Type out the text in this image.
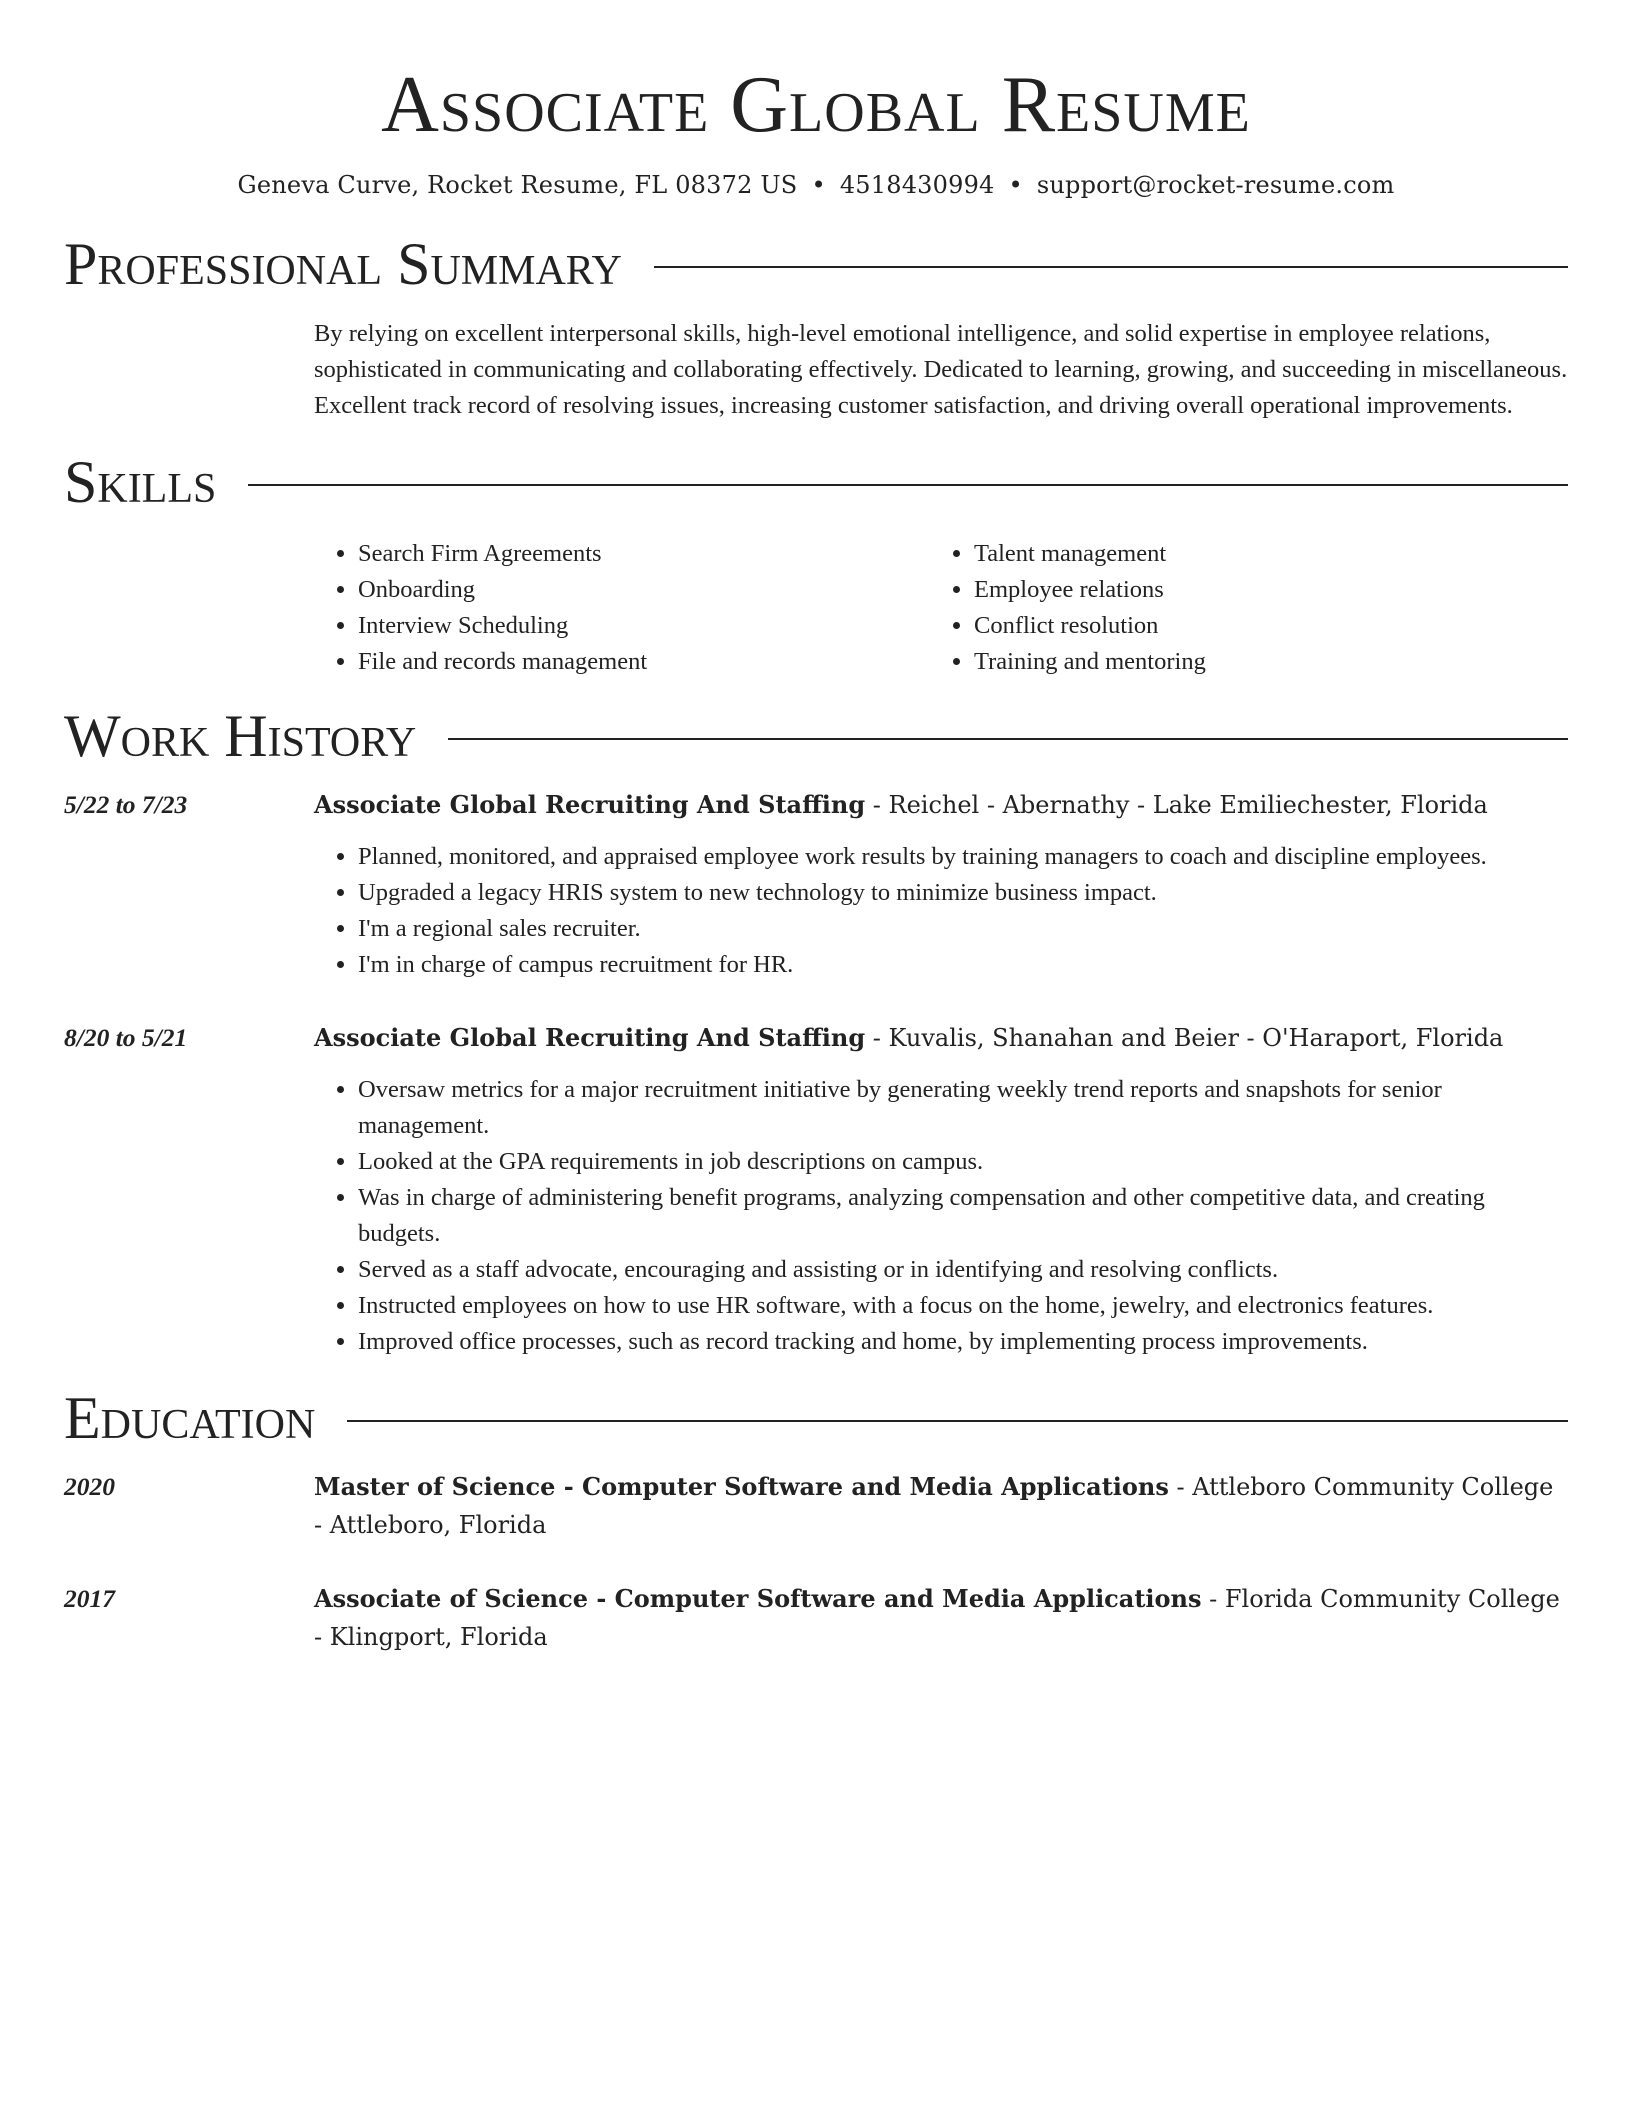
Associate Global Resume
Geneva Curve, Rocket Resume, FL 08372 US • 4518430994 • support@rocket-resume.com
Professional Summary
By relying on excellent interpersonal skills, high-level emotional intelligence, and solid expertise in employee relations, sophisticated in communicating and collaborating effectively. Dedicated to learning, growing, and succeeding in miscellaneous. Excellent track record of resolving issues, increasing customer satisfaction, and driving overall operational improvements.
Skills
• Search Firm Agreements
• Onboarding
• Interview Scheduling
• File and records management
• Talent management
• Employee relations
• Conflict resolution
• Training and mentoring
Work History
5/22 to 7/23	Associate Global Recruiting And Staffing - Reichel - Abernathy - Lake Emiliechester, Florida
• Planned, monitored, and appraised employee work results by training managers to coach and discipline employees.
• Upgraded a legacy HRIS system to new technology to minimize business impact.
• I'm a regional sales recruiter.
• I'm in charge of campus recruitment for HR.
8/20 to 5/21	Associate Global Recruiting And Staffing - Kuvalis, Shanahan and Beier - O'Haraport, Florida
• Oversaw metrics for a major recruitment initiative by generating weekly trend reports and snapshots for senior management.
• Looked at the GPA requirements in job descriptions on campus.
• Was in charge of administering benefit programs, analyzing compensation and other competitive data, and creating budgets.
• Served as a staff advocate, encouraging and assisting or in identifying and resolving conflicts.
• Instructed employees on how to use HR software, with a focus on the home, jewelry, and electronics features.
• Improved office processes, such as record tracking and home, by implementing process improvements.
Education
2020	Master of Science - Computer Software and Media Applications - Attleboro Community College - Attleboro, Florida
2017	Associate of Science - Computer Software and Media Applications - Florida Community College - Klingport, Florida
